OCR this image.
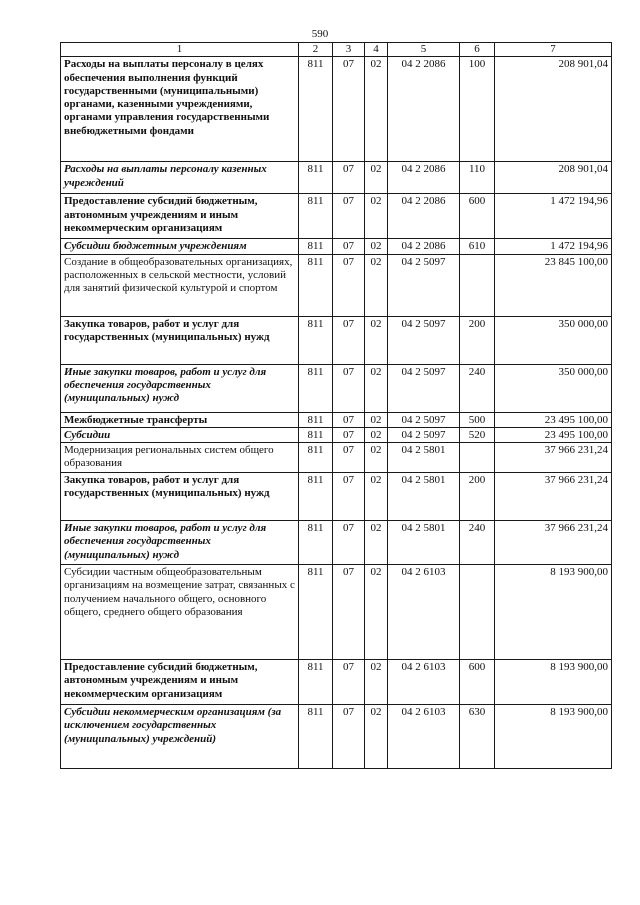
590
1	2	3	4	5	6	7
Расходы на выплаты персоналу в целях обеспечения выполнения функций государственными (муниципальными) органами, казенными учреждениями, органами управления государственными внебюджетными фондами	811	07	02	04 2 2086	100	208 901,04
Расходы на выплаты персоналу казенных учреждений	811	07	02	04 2 2086	110	208 901,04
Предоставление субсидий бюджетным, автономным учреждениям и иным некоммерческим организациям	811	07	02	04 2 2086	600	1 472 194,96
Субсидии бюджетным учреждениям	811	07	02	04 2 2086	610	1 472 194,96
Создание в общеобразовательных организациях, расположенных в сельской местности, условий для занятий физической культурой и спортом	811	07	02	04 2 5097		23 845 100,00
Закупка товаров, работ и услуг для государственных (муниципальных) нужд	811	07	02	04 2 5097	200	350 000,00
Иные закупки товаров, работ и услуг для обеспечения государственных (муниципальных) нужд	811	07	02	04 2 5097	240	350 000,00
Межбюджетные трансферты	811	07	02	04 2 5097	500	23 495 100,00
Субсидии	811	07	02	04 2 5097	520	23 495 100,00
Модернизация региональных систем общего образования	811	07	02	04 2 5801		37 966 231,24
Закупка товаров, работ и услуг для государственных (муниципальных) нужд	811	07	02	04 2 5801	200	37 966 231,24
Иные закупки товаров, работ и услуг для обеспечения государственных (муниципальных) нужд	811	07	02	04 2 5801	240	37 966 231,24
Субсидии частным общеобразовательным организациям на возмещение затрат, связанных с получением начального общего, основного общего, среднего общего образования	811	07	02	04 2 6103		8 193 900,00
Предоставление субсидий бюджетным, автономным учреждениям и иным некоммерческим организациям	811	07	02	04 2 6103	600	8 193 900,00
Субсидии некоммерческим организациям (за исключением государственных (муниципальных) учреждений)	811	07	02	04 2 6103	630	8 193 900,00
